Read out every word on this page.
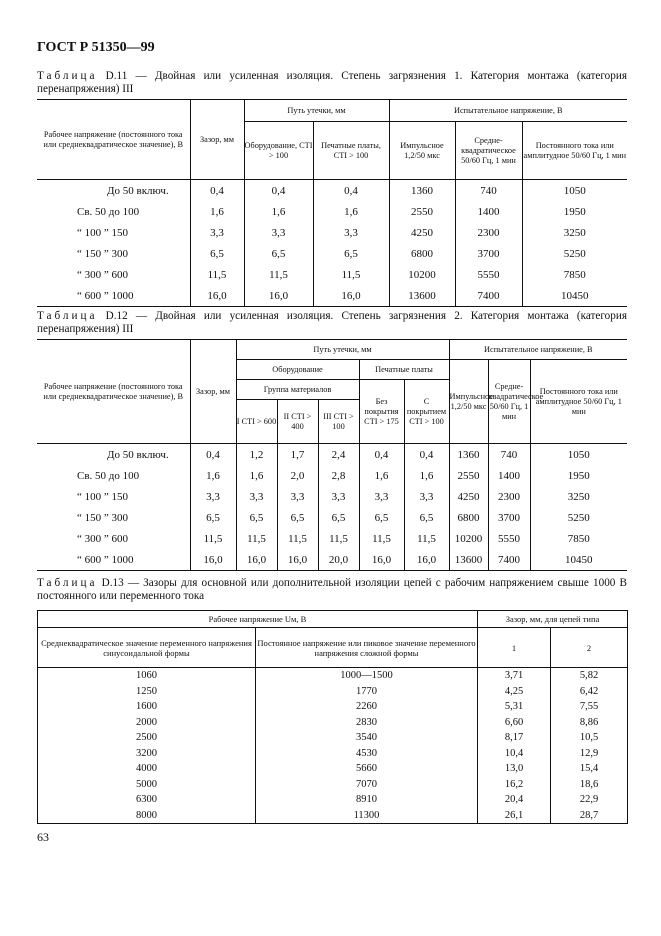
ГОСТ Р 51350—99
Таблица D.11 — Двойная или усиленная изоляция. Степень загрязнения 1. Категория монтажа (категория перенапряжения) III
Рабочее напряжение (постоянного тока или среднеквадратическое значение), В	Зазор, мм	Путь утечки, мм		Испытательное напряжение, В		
		Оборудование, CTI > 100	Печатные платы, CTI > 100	Импульсное 1,2/50 мкс	Средне-квадратическое 50/60 Гц, 1 мин	Постоянного тока или амплитудное 50/60 Гц, 1 мин
До 50 включ.	0,4	0,4	0,4	1360	740	1050
Св. 50 до 100	1,6	1,6	1,6	2550	1400	1950
“ 100 ” 150	3,3	3,3	3,3	4250	2300	3250
“ 150 ” 300	6,5	6,5	6,5	6800	3700	5250
“ 300 ” 600	11,5	11,5	11,5	10200	5550	7850
“ 600 ” 1000	16,0	16,0	16,0	13600	7400	10450
Таблица D.12 — Двойная или усиленная изоляция. Степень загрязнения 2. Категория монтажа (категория перенапряжения) III
Рабочее напряжение (постоянного тока или среднеквадратическое значение), В	Зазор, мм	Путь утечки, мм					Испытательное напряжение, В		
		Оборудование			Печатные платы		Импульсное 1,2/50 мкс	Средне-квадратическое 50/60 Гц, 1 мин	Постоянного тока или амплитудное 50/60 Гц, 1 мин
		Группа материалов			Без покрытия CTI > 175	С покрытием CTI > 100			
		I CTI > 600	II CTI > 400	III CTI > 100					
До 50 включ.	0,4	1,2	1,7	2,4	0,4	0,4	1360	740	1050
Св. 50 до 100	1,6	1,6	2,0	2,8	1,6	1,6	2550	1400	1950
“ 100 ” 150	3,3	3,3	3,3	3,3	3,3	3,3	4250	2300	3250
“ 150 ” 300	6,5	6,5	6,5	6,5	6,5	6,5	6800	3700	5250
“ 300 ” 600	11,5	11,5	11,5	11,5	11,5	11,5	10200	5550	7850
“ 600 ” 1000	16,0	16,0	16,0	20,0	16,0	16,0	13600	7400	10450
Таблица D.13 — Зазоры для основной или дополнительной изоляции цепей с рабочим напряжением свыше 1000 В постоянного или переменного тока
Рабочее напряжение Uм, В		Зазор, мм, для цепей типа	
Среднеквадратическое значение переменного напряжения синусоидальной формы	Постоянное напряжение или пиковое значение переменного напряжения сложной формы	1	2
1060	1000—1500	3,71	5,82
1250	1770	4,25	6,42
1600	2260	5,31	7,55
2000	2830	6,60	8,86
2500	3540	8,17	10,5
3200	4530	10,4	12,9
4000	5660	13,0	15,4
5000	7070	16,2	18,6
6300	8910	20,4	22,9
8000	11300	26,1	28,7
63
